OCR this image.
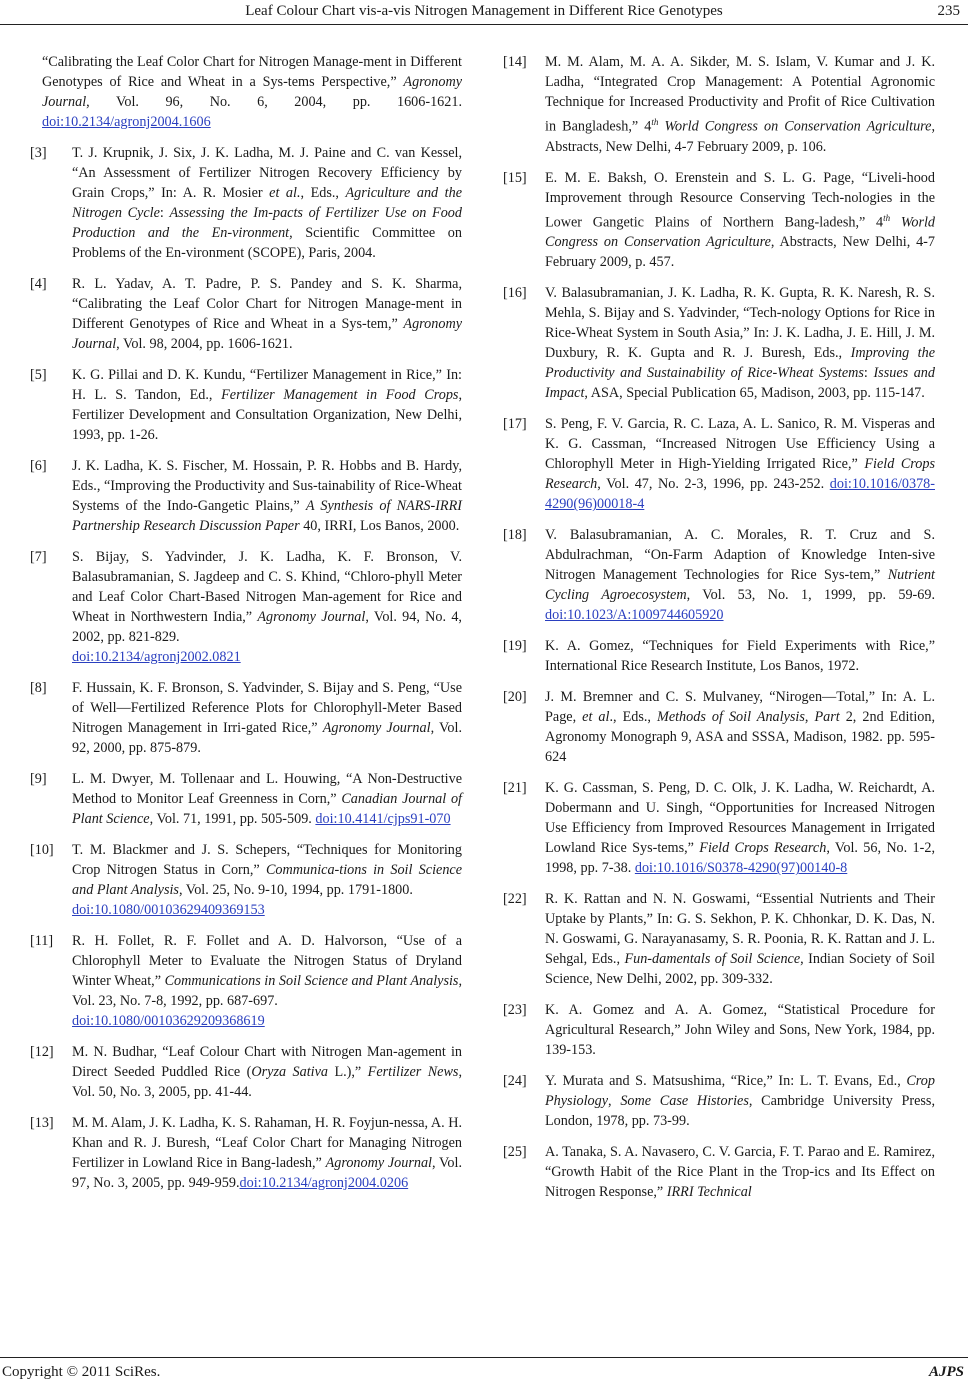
Leaf Colour Chart vis-a-vis Nitrogen Management in Different Rice Genotypes	235
“Calibrating the Leaf Color Chart for Nitrogen Manage-ment in Different Genotypes of Rice and Wheat in a Sys-tems Perspective,” Agronomy Journal, Vol. 96, No. 6, 2004, pp. 1606-1621. doi:10.2134/agronj2004.1606
[3] T. J. Krupnik, J. Six, J. K. Ladha, M. J. Paine and C. van Kessel, “An Assessment of Fertilizer Nitrogen Recovery Efficiency by Grain Crops,” In: A. R. Mosier et al., Eds., Agriculture and the Nitrogen Cycle: Assessing the Im-pacts of Fertilizer Use on Food Production and the En-vironment, Scientific Committee on Problems of the En-vironment (SCOPE), Paris, 2004.
[4] R. L. Yadav, A. T. Padre, P. S. Pandey and S. K. Sharma, “Calibrating the Leaf Color Chart for Nitrogen Manage-ment in Different Genotypes of Rice and Wheat in a Sys-tem,” Agronomy Journal, Vol. 98, 2004, pp. 1606-1621.
[5] K. G. Pillai and D. K. Kundu, “Fertilizer Management in Rice,” In: H. L. S. Tandon, Ed., Fertilizer Management in Food Crops, Fertilizer Development and Consultation Organization, New Delhi, 1993, pp. 1-26.
[6] J. K. Ladha, K. S. Fischer, M. Hossain, P. R. Hobbs and B. Hardy, Eds., “Improving the Productivity and Sus-tainability of Rice-Wheat Systems of the Indo-Gangetic Plains,” A Synthesis of NARS-IRRI Partnership Research Discussion Paper 40, IRRI, Los Banos, 2000.
[7] S. Bijay, S. Yadvinder, J. K. Ladha, K. F. Bronson, V. Balasubramanian, S. Jagdeep and C. S. Khind, “Chloro-phyll Meter and Leaf Color Chart-Based Nitrogen Man-agement for Rice and Wheat in Northwestern India,” Agronomy Journal, Vol. 94, No. 4, 2002, pp. 821-829.
doi:10.2134/agronj2002.0821
[8] F. Hussain, K. F. Bronson, S. Yadvinder, S. Bijay and S. Peng, “Use of Well—Fertilized Reference Plots for Chlorophyll-Meter Based Nitrogen Management in Irri-gated Rice,” Agronomy Journal, Vol. 92, 2000, pp. 875-879.
[9] L. M. Dwyer, M. Tollenaar and L. Houwing, “A Non-Destructive Method to Monitor Leaf Greenness in Corn,” Canadian Journal of Plant Science, Vol. 71, 1991, pp. 505-509. doi:10.4141/cjps91-070
[10] T. M. Blackmer and J. S. Schepers, “Techniques for Monitoring Crop Nitrogen Status in Corn,” Communica-tions in Soil Science and Plant Analysis, Vol. 25, No. 9-10, 1994, pp. 1791-1800.
doi:10.1080/00103629409369153
[11] R. H. Follet, R. F. Follet and A. D. Halvorson, “Use of a Chlorophyll Meter to Evaluate the Nitrogen Status of Dryland Winter Wheat,” Communications in Soil Science and Plant Analysis, Vol. 23, No. 7-8, 1992, pp. 687-697.
doi:10.1080/00103629209368619
[12] M. N. Budhar, “Leaf Colour Chart with Nitrogen Man-agement in Direct Seeded Puddled Rice (Oryza Sativa L.),” Fertilizer News, Vol. 50, No. 3, 2005, pp. 41-44.
[13] M. M. Alam, J. K. Ladha, K. S. Rahaman, H. R. Foyjun-nessa, A. H. Khan and R. J. Buresh, “Leaf Color Chart for Managing Nitrogen Fertilizer in Lowland Rice in Bang-ladesh,” Agronomy Journal, Vol. 97, No. 3, 2005, pp. 949-959.doi:10.2134/agronj2004.0206
[14] M. M. Alam, M. A. A. Sikder, M. S. Islam, V. Kumar and J. K. Ladha, “Integrated Crop Management: A Potential Agronomic Technique for Increased Productivity and Profit of Rice Cultivation in Bangladesh,” 4th World Congress on Conservation Agriculture, Abstracts, New Delhi, 4-7 February 2009, p. 106.
[15] E. M. E. Baksh, O. Erenstein and S. L. G. Page, “Liveli-hood Improvement through Resource Conserving Tech-nologies in the Lower Gangetic Plains of Northern Bang-ladesh,” 4th World Congress on Conservation Agriculture, Abstracts, New Delhi, 4-7 February 2009, p. 457.
[16] V. Balasubramanian, J. K. Ladha, R. K. Gupta, R. K. Naresh, R. S. Mehla, S. Bijay and S. Yadvinder, “Tech-nology Options for Rice in Rice-Wheat System in South Asia,” In: J. K. Ladha, J. E. Hill, J. M. Duxbury, R. K. Gupta and R. J. Buresh, Eds., Improving the Productivity and Sustainability of Rice-Wheat Systems: Issues and Impact, ASA, Special Publication 65, Madison, 2003, pp. 115-147.
[17] S. Peng, F. V. Garcia, R. C. Laza, A. L. Sanico, R. M. Visperas and K. G. Cassman, “Increased Nitrogen Use Efficiency Using a Chlorophyll Meter in High-Yielding Irrigated Rice,” Field Crops Research, Vol. 47, No. 2-3, 1996, pp. 243-252. doi:10.1016/0378-4290(96)00018-4
[18] V. Balasubramanian, A. C. Morales, R. T. Cruz and S. Abdulrachman, “On-Farm Adaption of Knowledge Inten-sive Nitrogen Management Technologies for Rice Sys-tem,” Nutrient Cycling Agroecosystem, Vol. 53, No. 1, 1999, pp. 59-69. doi:10.1023/A:1009744605920
[19] K. A. Gomez, “Techniques for Field Experiments with Rice,” International Rice Research Institute, Los Banos, 1972.
[20] J. M. Bremner and C. S. Mulvaney, “Nirogen—Total,” In: A. L. Page, et al., Eds., Methods of Soil Analysis, Part 2, 2nd Edition, Agronomy Monograph 9, ASA and SSSA, Madison, 1982. pp. 595-624
[21] K. G. Cassman, S. Peng, D. C. Olk, J. K. Ladha, W. Reichardt, A. Dobermann and U. Singh, “Opportunities for Increased Nitrogen Use Efficiency from Improved Resources Management in Irrigated Lowland Rice Sys-tems,” Field Crops Research, Vol. 56, No. 1-2, 1998, pp. 7-38. doi:10.1016/S0378-4290(97)00140-8
[22] R. K. Rattan and N. N. Goswami, “Essential Nutrients and Their Uptake by Plants,” In: G. S. Sekhon, P. K. Chhonkar, D. K. Das, N. N. Goswami, G. Narayanasamy, S. R. Poonia, R. K. Rattan and J. L. Sehgal, Eds., Fun-damentals of Soil Science, Indian Society of Soil Science, New Delhi, 2002, pp. 309-332.
[23] K. A. Gomez and A. A. Gomez, “Statistical Procedure for Agricultural Research,” John Wiley and Sons, New York, 1984, pp. 139-153.
[24] Y. Murata and S. Matsushima, “Rice,” In: L. T. Evans, Ed., Crop Physiology, Some Case Histories, Cambridge University Press, London, 1978, pp. 73-99.
[25] A. Tanaka, S. A. Navasero, C. V. Garcia, F. T. Parao and E. Ramirez, “Growth Habit of the Rice Plant in the Trop-ics and Its Effect on Nitrogen Response,” IRRI Technical
Copyright © 2011 SciRes.	AJPS
